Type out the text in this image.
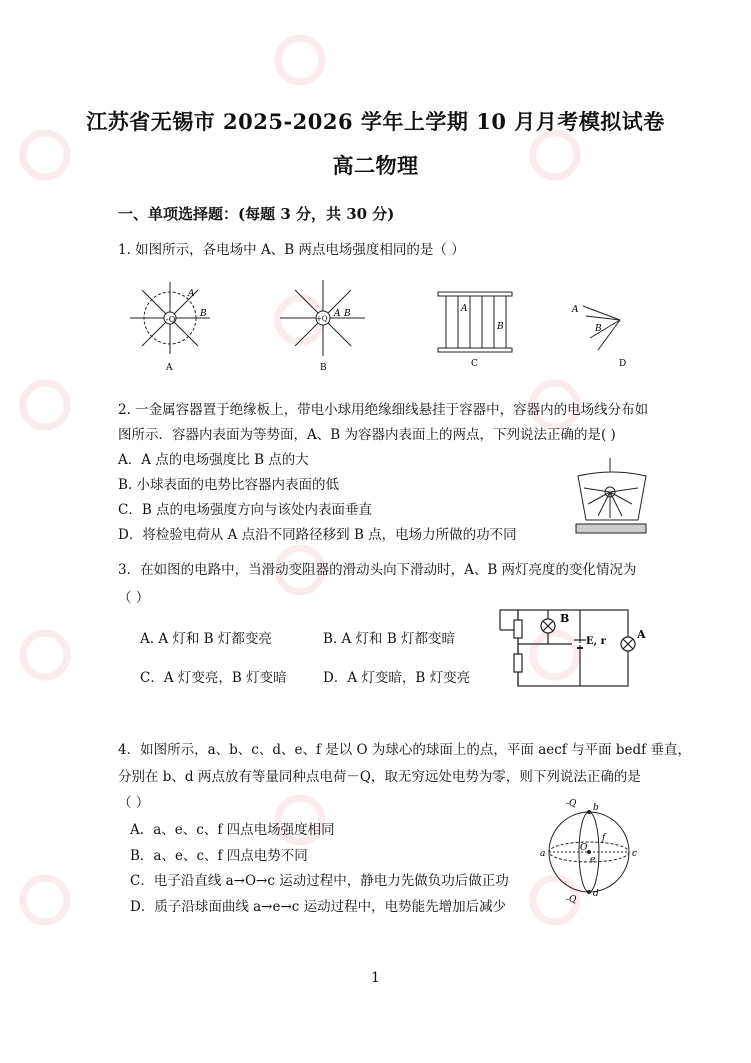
江苏省无锡市 2025-2026 学年上学期 10 月月考模拟试卷
高二物理
一、单项选择题：(每题 3 分，共 30 分)
1. 如图所示，各电场中 A、B 两点电场强度相同的是（ ）
-Q
A
B
A
+Q A B
B
A
B
C
A
B
D
2. 一金属容器置于绝缘板上，带电小球用绝缘细线悬挂于容器中，容器内的电场线分布如
图所示．容器内表面为等势面，A、B 为容器内表面上的两点，下列说法正确的是( )
A．A 点的电场强度比 B 点的大
B. 小球表面的电势比容器内表面的低
C．B 点的电场强度方向与该处内表面垂直
D．将检验电荷从 A 点沿不同路径移到 B 点，电场力所做的功不同
3．在如图的电路中，当滑动变阻器的滑动头向下滑动时，A、B 两灯亮度的变化情况为
（ ）
A. A 灯和 B 灯都变亮	B. A 灯和 B 灯都变暗
C．A 灯变亮，B 灯变暗	D．A 灯变暗，B 灯变亮
B
A
E, r
4．如图所示，a、b、c、d、e、f 是以 O 为球心的球面上的点，平面 aecf 与平面 bedf 垂直，
分别在 b、d 两点放有等量同种点电荷－Q，取无穷远处电势为零，则下列说法正确的是
（ ）
A．a、e、c、f 四点电场强度相同
B．a、e、c、f 四点电势不同
C．电子沿直线 a→O→c 运动过程中，静电力先做负功后做正功
D．质子沿球面曲线 a→e→c 运动过程中，电势能先增加后减少
-Q
-Q
b
d
a	c
e
f
O
1
